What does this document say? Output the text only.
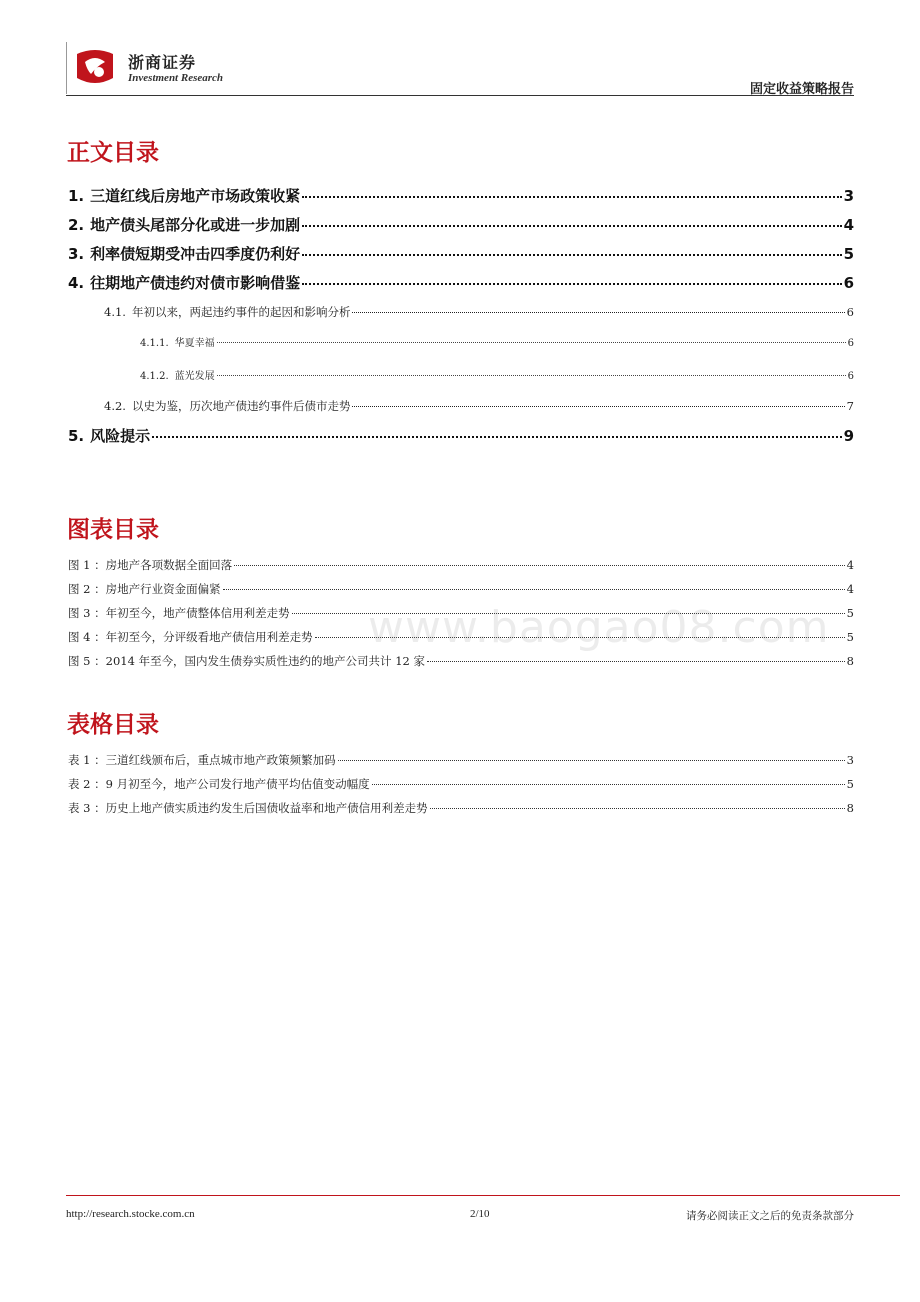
浙商证券
Investment Research
固定收益策略报告
正文目录
1. 三道红线后房地产市场政策收紧	3
2. 地产债头尾部分化或进一步加剧	4
3. 利率债短期受冲击四季度仍利好	5
4. 往期地产债违约对债市影响借鉴	6
4.1. 年初以来，两起违约事件的起因和影响分析	6
4.1.1. 华夏幸福	6
4.1.2. 蓝光发展	6
4.2. 以史为鉴，历次地产债违约事件后债市走势	7
5. 风险提示	9
图表目录
图 1 ：房地产各项数据全面回落	4
图 2 ：房地产行业资金面偏紧	4
图 3 ：年初至今，地产债整体信用利差走势	5
图 4 ：年初至今，分评级看地产债信用利差走势	5
图 5 ：2014 年至今，国内发生债券实质性违约的地产公司共计 12 家	8
表格目录
表 1 ：三道红线颁布后，重点城市地产政策频繁加码	3
表 2 ：9 月初至今，地产公司发行地产债平均估值变动幅度	5
表 3 ：历史上地产债实质违约发生后国债收益率和地产债信用利差走势	8
www.baogao08.com
http://research.stocke.com.cn	2/10	请务必阅读正文之后的免责条款部分
